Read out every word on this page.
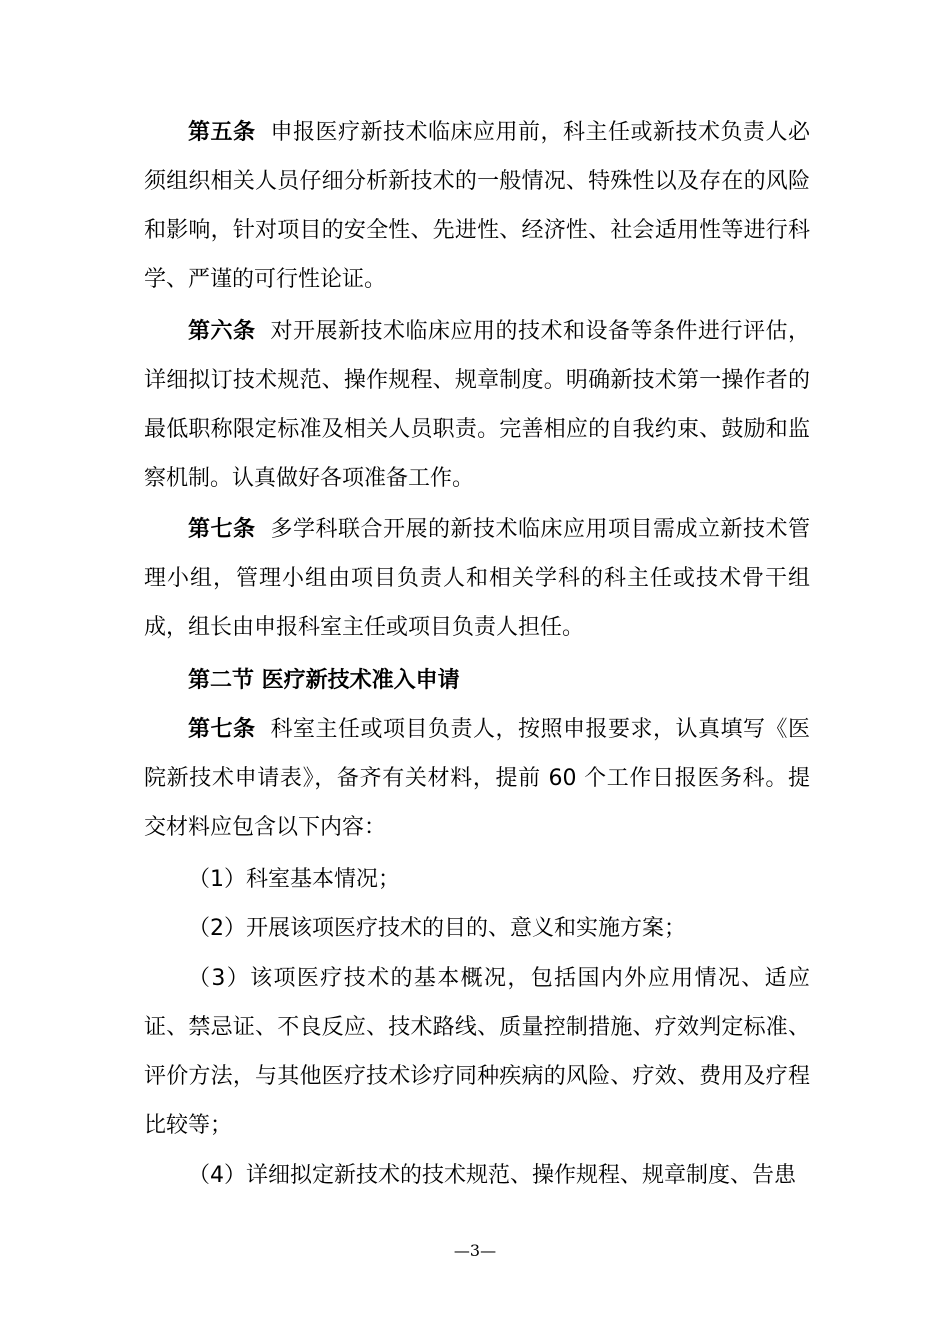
第五条 申报医疗新技术临床应用前，科主任或新技术负责人必须组织相关人员仔细分析新技术的一般情况、特殊性以及存在的风险和影响，针对项目的安全性、先进性、经济性、社会适用性等进行科学、严谨的可行性论证。

第六条 对开展新技术临床应用的技术和设备等条件进行评估，详细拟订技术规范、操作规程、规章制度。明确新技术第一操作者的最低职称限定标准及相关人员职责。完善相应的自我约束、鼓励和监察机制。认真做好各项准备工作。

第七条 多学科联合开展的新技术临床应用项目需成立新技术管理小组，管理小组由项目负责人和相关学科的科主任或技术骨干组成，组长由申报科室主任或项目负责人担任。

第二节 医疗新技术准入申请

第七条 科室主任或项目负责人，按照申报要求，认真填写《医院新技术申请表》，备齐有关材料，提前 60 个工作日报医务科。提交材料应包含以下内容：

（1）科室基本情况；

（2）开展该项医疗技术的目的、意义和实施方案；

（3）该项医疗技术的基本概况，包括国内外应用情况、适应证、禁忌证、不良反应、技术路线、质量控制措施、疗效判定标准、评价方法，与其他医疗技术诊疗同种疾病的风险、疗效、费用及疗程比较等；

（4）详细拟定新技术的技术规范、操作规程、规章制度、告患

—3—
